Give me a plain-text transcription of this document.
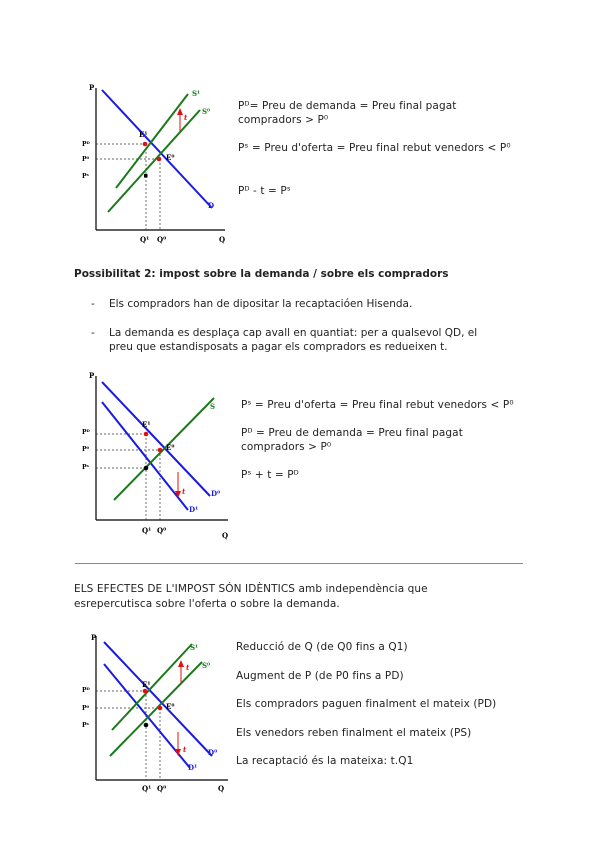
P
Q
t
E¹
E⁰
Pᴰ
P⁰
Pˢ
S¹
S⁰
D
Q¹ Q⁰
Pᴰ= Preu de demanda = Preu final pagat
compradors > P⁰
Pˢ = Preu d'oferta = Preu final rebut venedors < P⁰
Pᴰ - t = Pˢ
Possibilitat 2: impost sobre la demanda / sobre els compradors
- Els compradors han de dipositar la recaptacióen Hisenda.
- La demanda es desplaça cap avall en quantiat: per a qualsevol QD, el
preu que estandisposats a pagar els compradors es redueixen t.
P
Q
t
E¹
E⁰
Pᴰ
P⁰
Pˢ
S
D⁰
D¹
Q¹ Q⁰
Pˢ = Preu d'oferta = Preu final rebut venedors < P⁰
Pᴰ = Preu de demanda = Preu final pagat
compradors > P⁰
Pˢ + t = Pᴰ
ELS EFECTES DE L'IMPOST SÓN IDÈNTICS amb independència que
esrepercutisca sobre l'oferta o sobre la demanda.
P
Q
t
t
E¹
E⁰
Pᴰ
P⁰
Pˢ
S¹
S⁰
D⁰
D¹
Q¹ Q⁰
Reducció de Q (de Q0 fins a Q1)
Augment de P (de P0 fins a PD)
Els compradors paguen finalment el mateix (PD)
Els venedors reben finalment el mateix (PS)
La recaptació és la mateixa: t.Q1
